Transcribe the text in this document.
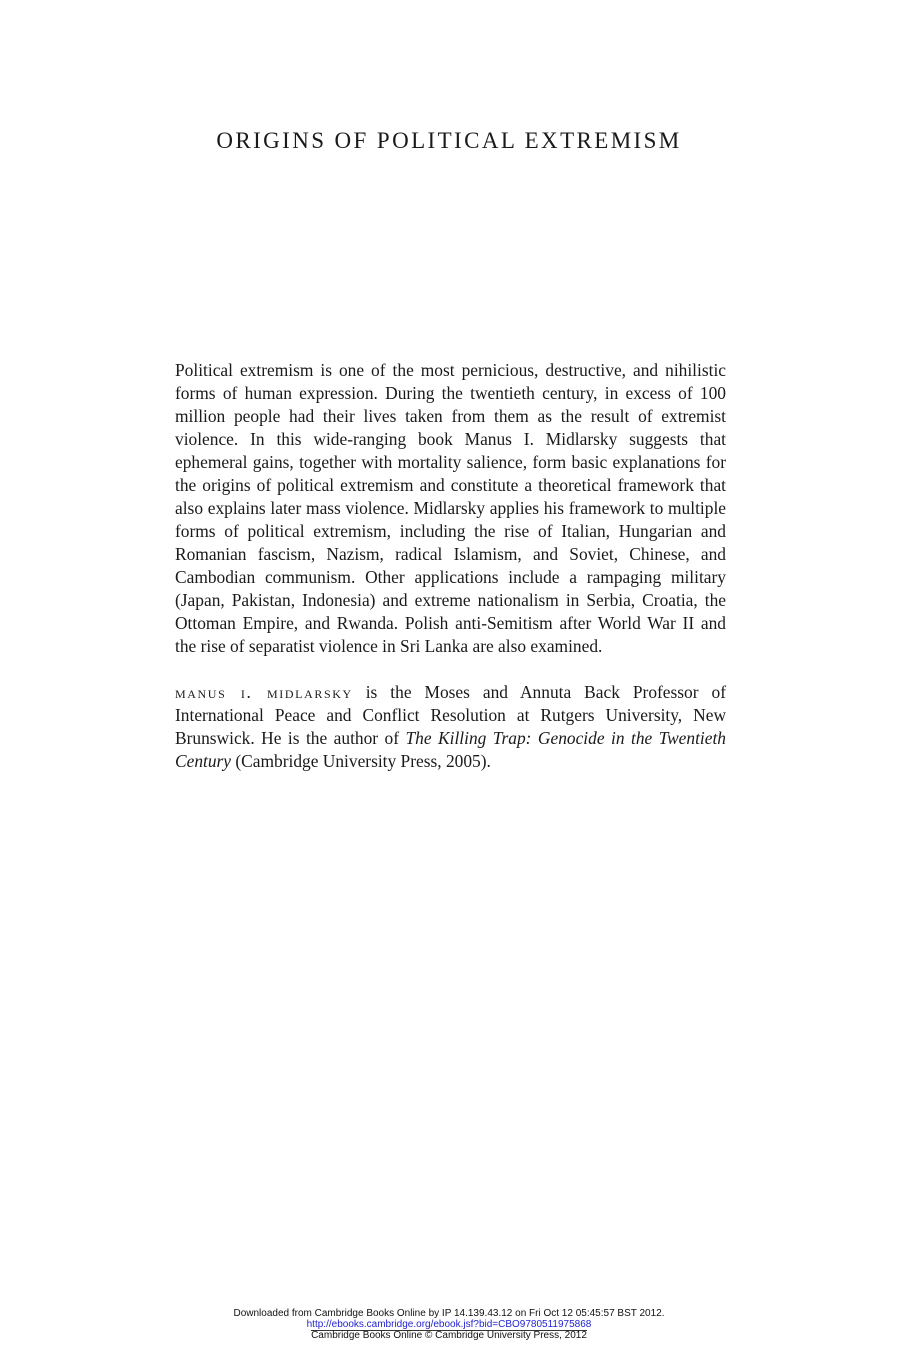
ORIGINS OF POLITICAL EXTREMISM

Political extremism is one of the most pernicious, destructive, and nihilistic forms of human expression. During the twentieth century, in excess of 100 million people had their lives taken from them as the result of extremist violence. In this wide-ranging book Manus I. Midlarsky suggests that ephemeral gains, together with mortality salience, form basic explanations for the origins of political extremism and constitute a theoretical framework that also explains later mass violence. Midlarsky applies his framework to multiple forms of political extremism, including the rise of Italian, Hungarian and Romanian fascism, Nazism, radical Islamism, and Soviet, Chinese, and Cambodian communism. Other applications include a rampaging military (Japan, Pakistan, Indonesia) and extreme nationalism in Serbia, Croatia, the Ottoman Empire, and Rwanda. Polish anti-Semitism after World War II and the rise of separatist violence in Sri Lanka are also examined.

manus i. midlarsky is the Moses and Annuta Back Professor of International Peace and Conflict Resolution at Rutgers University, New Brunswick. He is the author of The Killing Trap: Genocide in the Twentieth Century (Cambridge University Press, 2005).

Downloaded from Cambridge Books Online by IP 14.139.43.12 on Fri Oct 12 05:45:57 BST 2012.
http://ebooks.cambridge.org/ebook.jsf?bid=CBO9780511975868
Cambridge Books Online © Cambridge University Press, 2012
